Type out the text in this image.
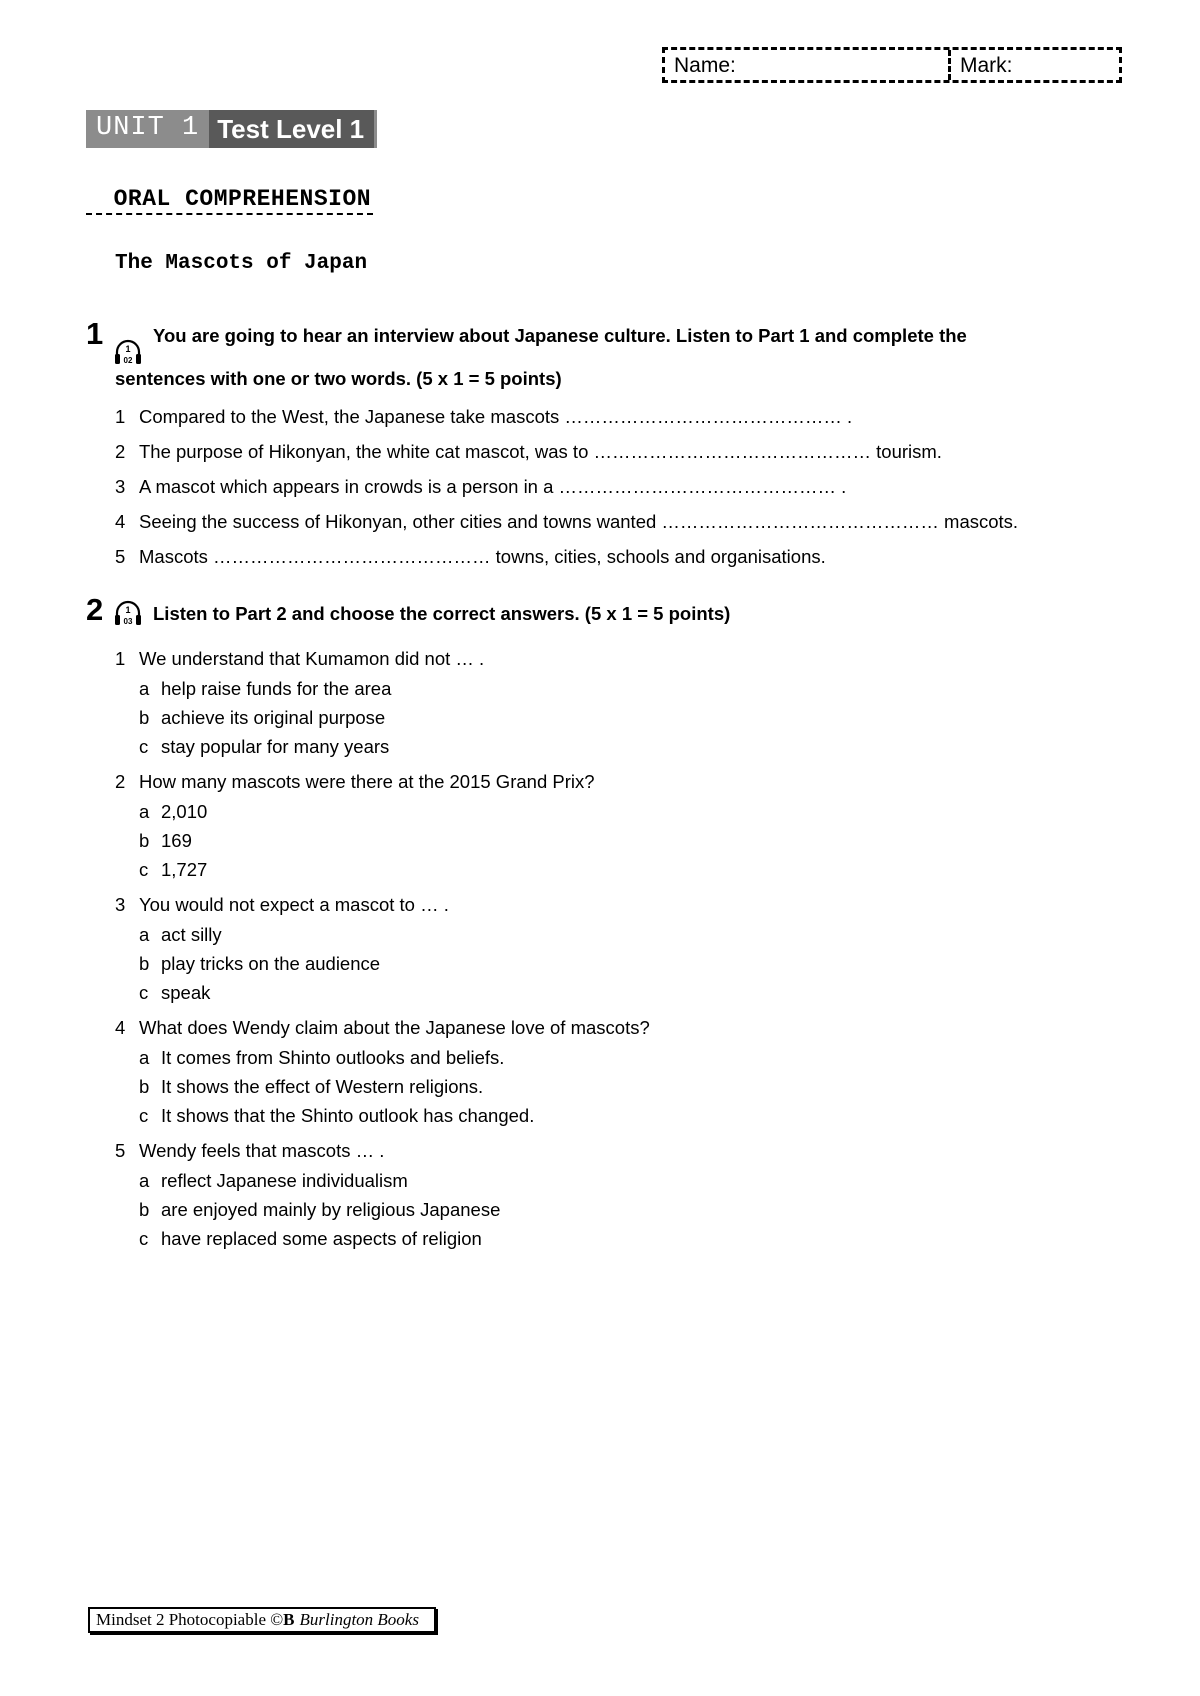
Name:	Mark:
UNIT 1 Test Level 1
ORAL COMPREHENSION
The Mascots of Japan
1 1
02
You are going to hear an interview about Japanese culture. Listen to Part 1 and complete the
sentences with one or two words. (5 x 1 = 5 points)
1 Compared to the West, the Japanese take mascots ……………………………………… .
2 The purpose of Hikonyan, the white cat mascot, was to ……………………………………… tourism.
3 A mascot which appears in crowds is a person in a ……………………………………… .
4 Seeing the success of Hikonyan, other cities and towns wanted ……………………………………… mascots.
5 Mascots ……………………………………… towns, cities, schools and organisations.
2 1
03 Listen to Part 2 and choose the correct answers. (5 x 1 = 5 points)
1 We understand that Kumamon did not … .
a help raise funds for the area
b achieve its original purpose
c stay popular for many years
2 How many mascots were there at the 2015 Grand Prix?
a 2,010
b 169
c 1,727
3 You would not expect a mascot to … .
a act silly
b play tricks on the audience
c speak
4 What does Wendy claim about the Japanese love of mascots?
a It comes from Shinto outlooks and beliefs.
b It shows the effect of Western religions.
c It shows that the Shinto outlook has changed.
5 Wendy feels that mascots … .
a reflect Japanese individualism
b are enjoyed mainly by religious Japanese
c have replaced some aspects of religion
Mindset 2 Photocopiable © B Burlington Books
